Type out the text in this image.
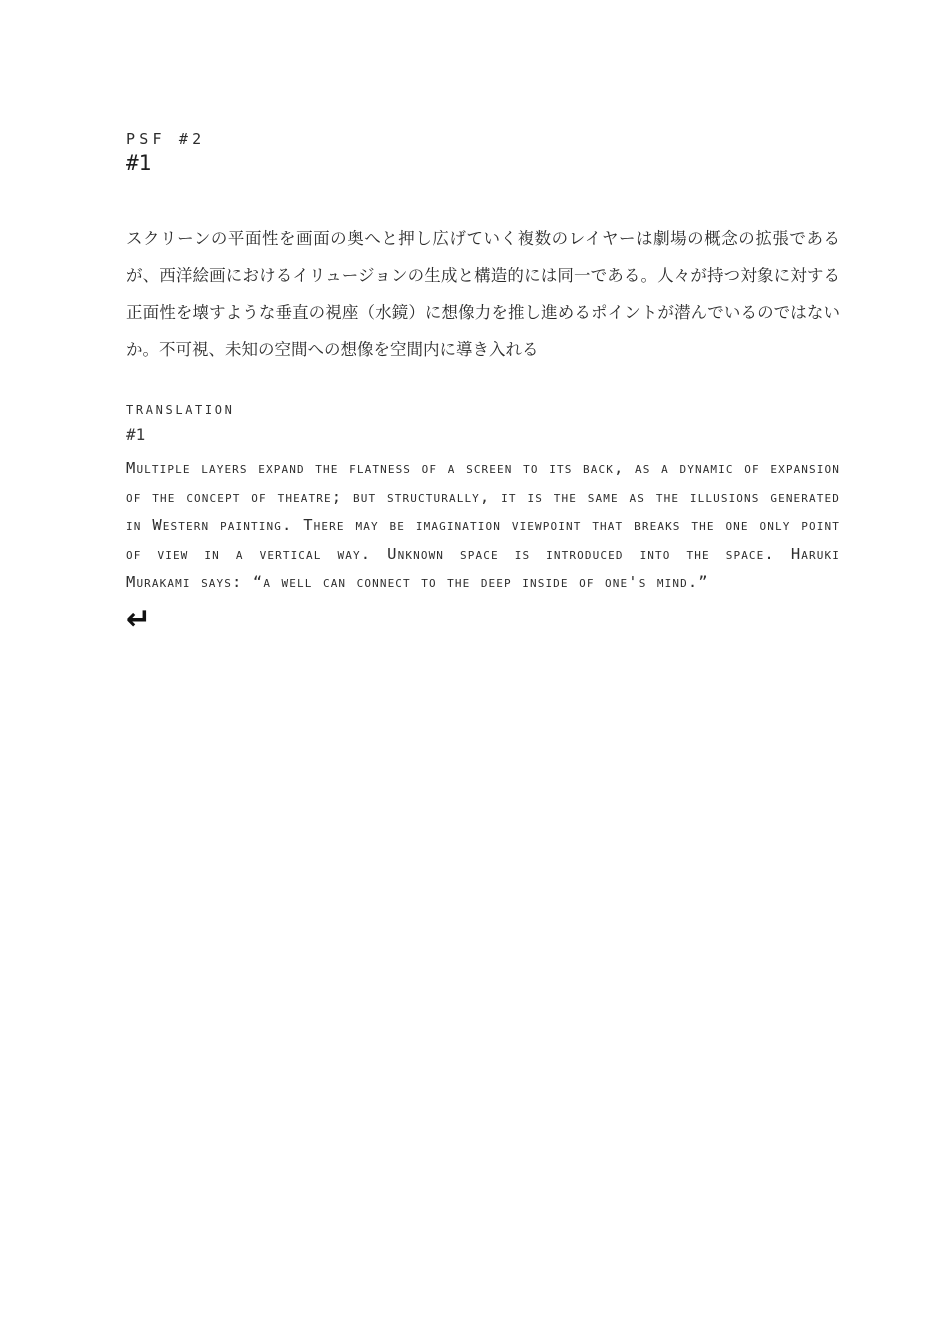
PSF #2
#1
スクリーンの平面性を画面の奥へと押し広げていく複数のレイヤーは劇場の概念の拡張であるが、西洋絵画におけるイリュージョンの生成と構造的には同一である。人々が持つ対象に対する正面性を壊すような垂直の視座（水鏡）に想像力を推し進めるポイントが潜んでいるのではないか。不可視、未知の空間への想像を空間内に導き入れる
TRANSLATION
#1
Multiple layers expand the flatness of a screen to its back, as a dynamic of expansion of the concept of theatre; but structurally, it is the same as the illusions generated in Western painting. There may be imagination viewpoint that breaks the one only point of view in a vertical way. Unknown space is introduced into the space. Haruki Murakami says: “a well can connect to the deep inside of one's mind.”
↵
